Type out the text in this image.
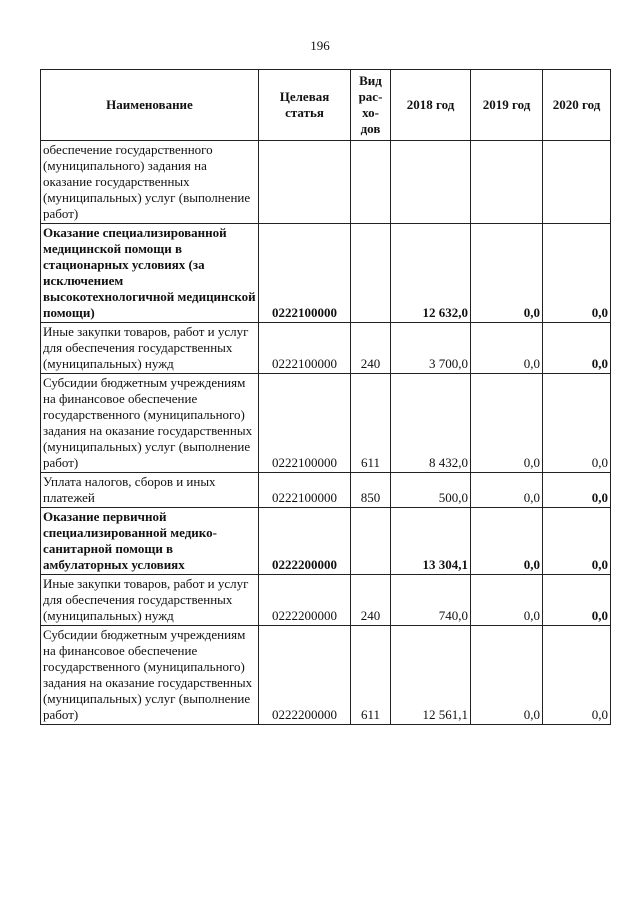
196
Наименование	Целевая статья	Вид рас-хо-дов	2018 год	2019 год	2020 год
обеспечение государственного (муниципального) задания на оказание государственных (муниципальных) услуг (выполнение работ)					
Оказание специализированной медицинской помощи в стационарных условиях (за исключением высокотехнологичной медицинской помощи)	0222100000		12 632,0	0,0	0,0
Иные закупки товаров, работ и услуг для обеспечения государственных (муниципальных) нужд	0222100000	240	3 700,0	0,0	0,0
Субсидии бюджетным учреждениям на финансовое обеспечение государственного (муниципального) задания на оказание государственных (муниципальных) услуг (выполнение работ)	0222100000	611	8 432,0	0,0	0,0
Уплата налогов, сборов и иных платежей	0222100000	850	500,0	0,0	0,0
Оказание первичной специализированной медико-санитарной помощи в амбулаторных условиях	0222200000		13 304,1	0,0	0,0
Иные закупки товаров, работ и услуг для обеспечения государственных (муниципальных) нужд	0222200000	240	740,0	0,0	0,0
Субсидии бюджетным учреждениям на финансовое обеспечение государственного (муниципального) задания на оказание государственных (муниципальных) услуг (выполнение работ)	0222200000	611	12 561,1	0,0	0,0
